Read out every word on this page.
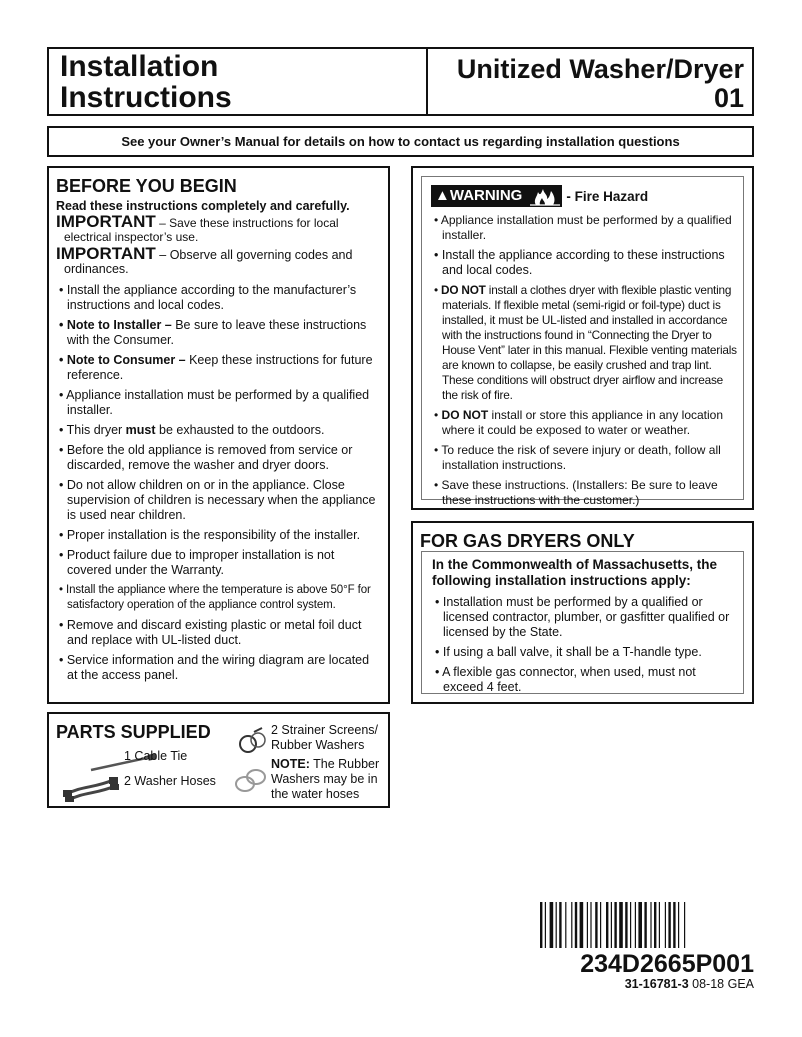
Installation
Instructions
Unitized Washer/Dryer
01
See your Owner’s Manual for details on how to contact us regarding installation questions
BEFORE YOU BEGIN
Read these instructions completely and carefully.
IMPORTANT – Save these instructions for local electrical inspector’s use.
IMPORTANT – Observe all governing codes and ordinances.
• Install the appliance according to the manufacturer’s instructions and local codes.
• Note to Installer – Be sure to leave these instructions with the Consumer.
• Note to Consumer – Keep these instructions for future reference.
• Appliance installation must be performed by a qualified installer.
• This dryer must be exhausted to the outdoors.
• Before the old appliance is removed from service or discarded, remove the washer and dryer doors.
• Do not allow children on or in the appliance. Close supervision of children is necessary when the appliance is used near children.
• Proper installation is the responsibility of the installer.
• Product failure due to improper installation is not covered under the Warranty.
• Install the appliance where the temperature is above 50°F for satisfactory operation of the appliance control system.
• Remove and discard existing plastic or metal foil duct and replace with UL-listed duct.
• Service information and the wiring diagram are located at the access panel.
▲WARNING	- Fire Hazard
• Appliance installation must be performed by a qualified installer.
• Install the appliance according to these instructions and local codes.
• DO NOT install a clothes dryer with flexible plastic venting materials. If flexible metal (semi-rigid or foil-type) duct is installed, it must be UL-listed and installed in accordance with the instructions found in “Connecting the Dryer to House Vent” later in this manual. Flexible venting materials are known to collapse, be easily crushed and trap lint. These conditions will obstruct dryer airflow and increase the risk of fire.
• DO NOT install or store this appliance in any location where it could be exposed to water or weather.
• To reduce the risk of severe injury or death, follow all installation instructions.
• Save these instructions. (Installers: Be sure to leave these instructions with the customer.)
FOR GAS DRYERS ONLY
In the Commonwealth of Massachusetts, the following installation instructions apply:
• Installation must be performed by a qualified or licensed contractor, plumber, or gasfitter qualified or licensed by the State.
• If using a ball valve, it shall be a T-handle type.
• A flexible gas connector, when used, must not exceed 4 feet.
PARTS SUPPLIED
1 Cable Tie
2 Washer Hoses
2 Strainer Screens/ Rubber Washers
NOTE: The Rubber Washers may be in the water hoses
234D2665P001
31-16781-3 08-18 GEA
